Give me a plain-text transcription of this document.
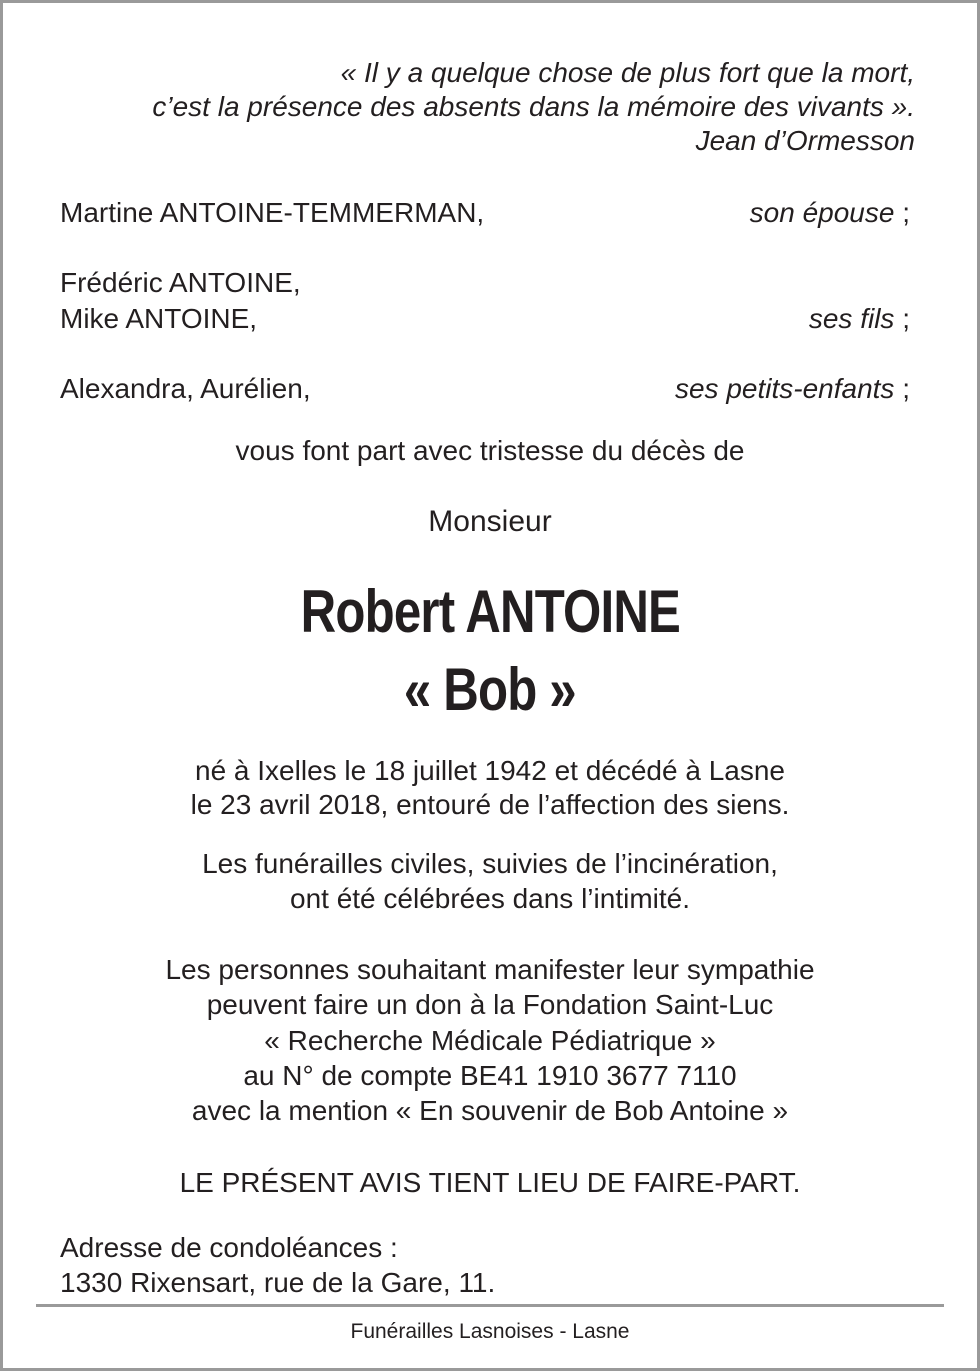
« Il y a quelque chose de plus fort que la mort,
c’est la présence des absents dans la mémoire des vivants ».
Jean d’Ormesson
Martine ANTOINE-TEMMERMAN,	son épouse ;
Frédéric ANTOINE,
Mike ANTOINE,	ses fils ;
Alexandra, Aurélien,	ses petits-enfants ;
vous font part avec tristesse du décès de
Monsieur
Robert ANTOINE
« Bob »
né à Ixelles le 18 juillet 1942 et décédé à Lasne
le 23 avril 2018, entouré de l’affection des siens.
Les funérailles civiles, suivies de l’incinération,
ont été célébrées dans l’intimité.
Les personnes souhaitant manifester leur sympathie
peuvent faire un don à la Fondation Saint-Luc
« Recherche Médicale Pédiatrique »
au N° de compte BE41 1910 3677 7110
avec la mention « En souvenir de Bob Antoine »
LE PRÉSENT AVIS TIENT LIEU DE FAIRE-PART.
Adresse de condoléances :
1330 Rixensart, rue de la Gare, 11.
Funérailles Lasnoises - Lasne
